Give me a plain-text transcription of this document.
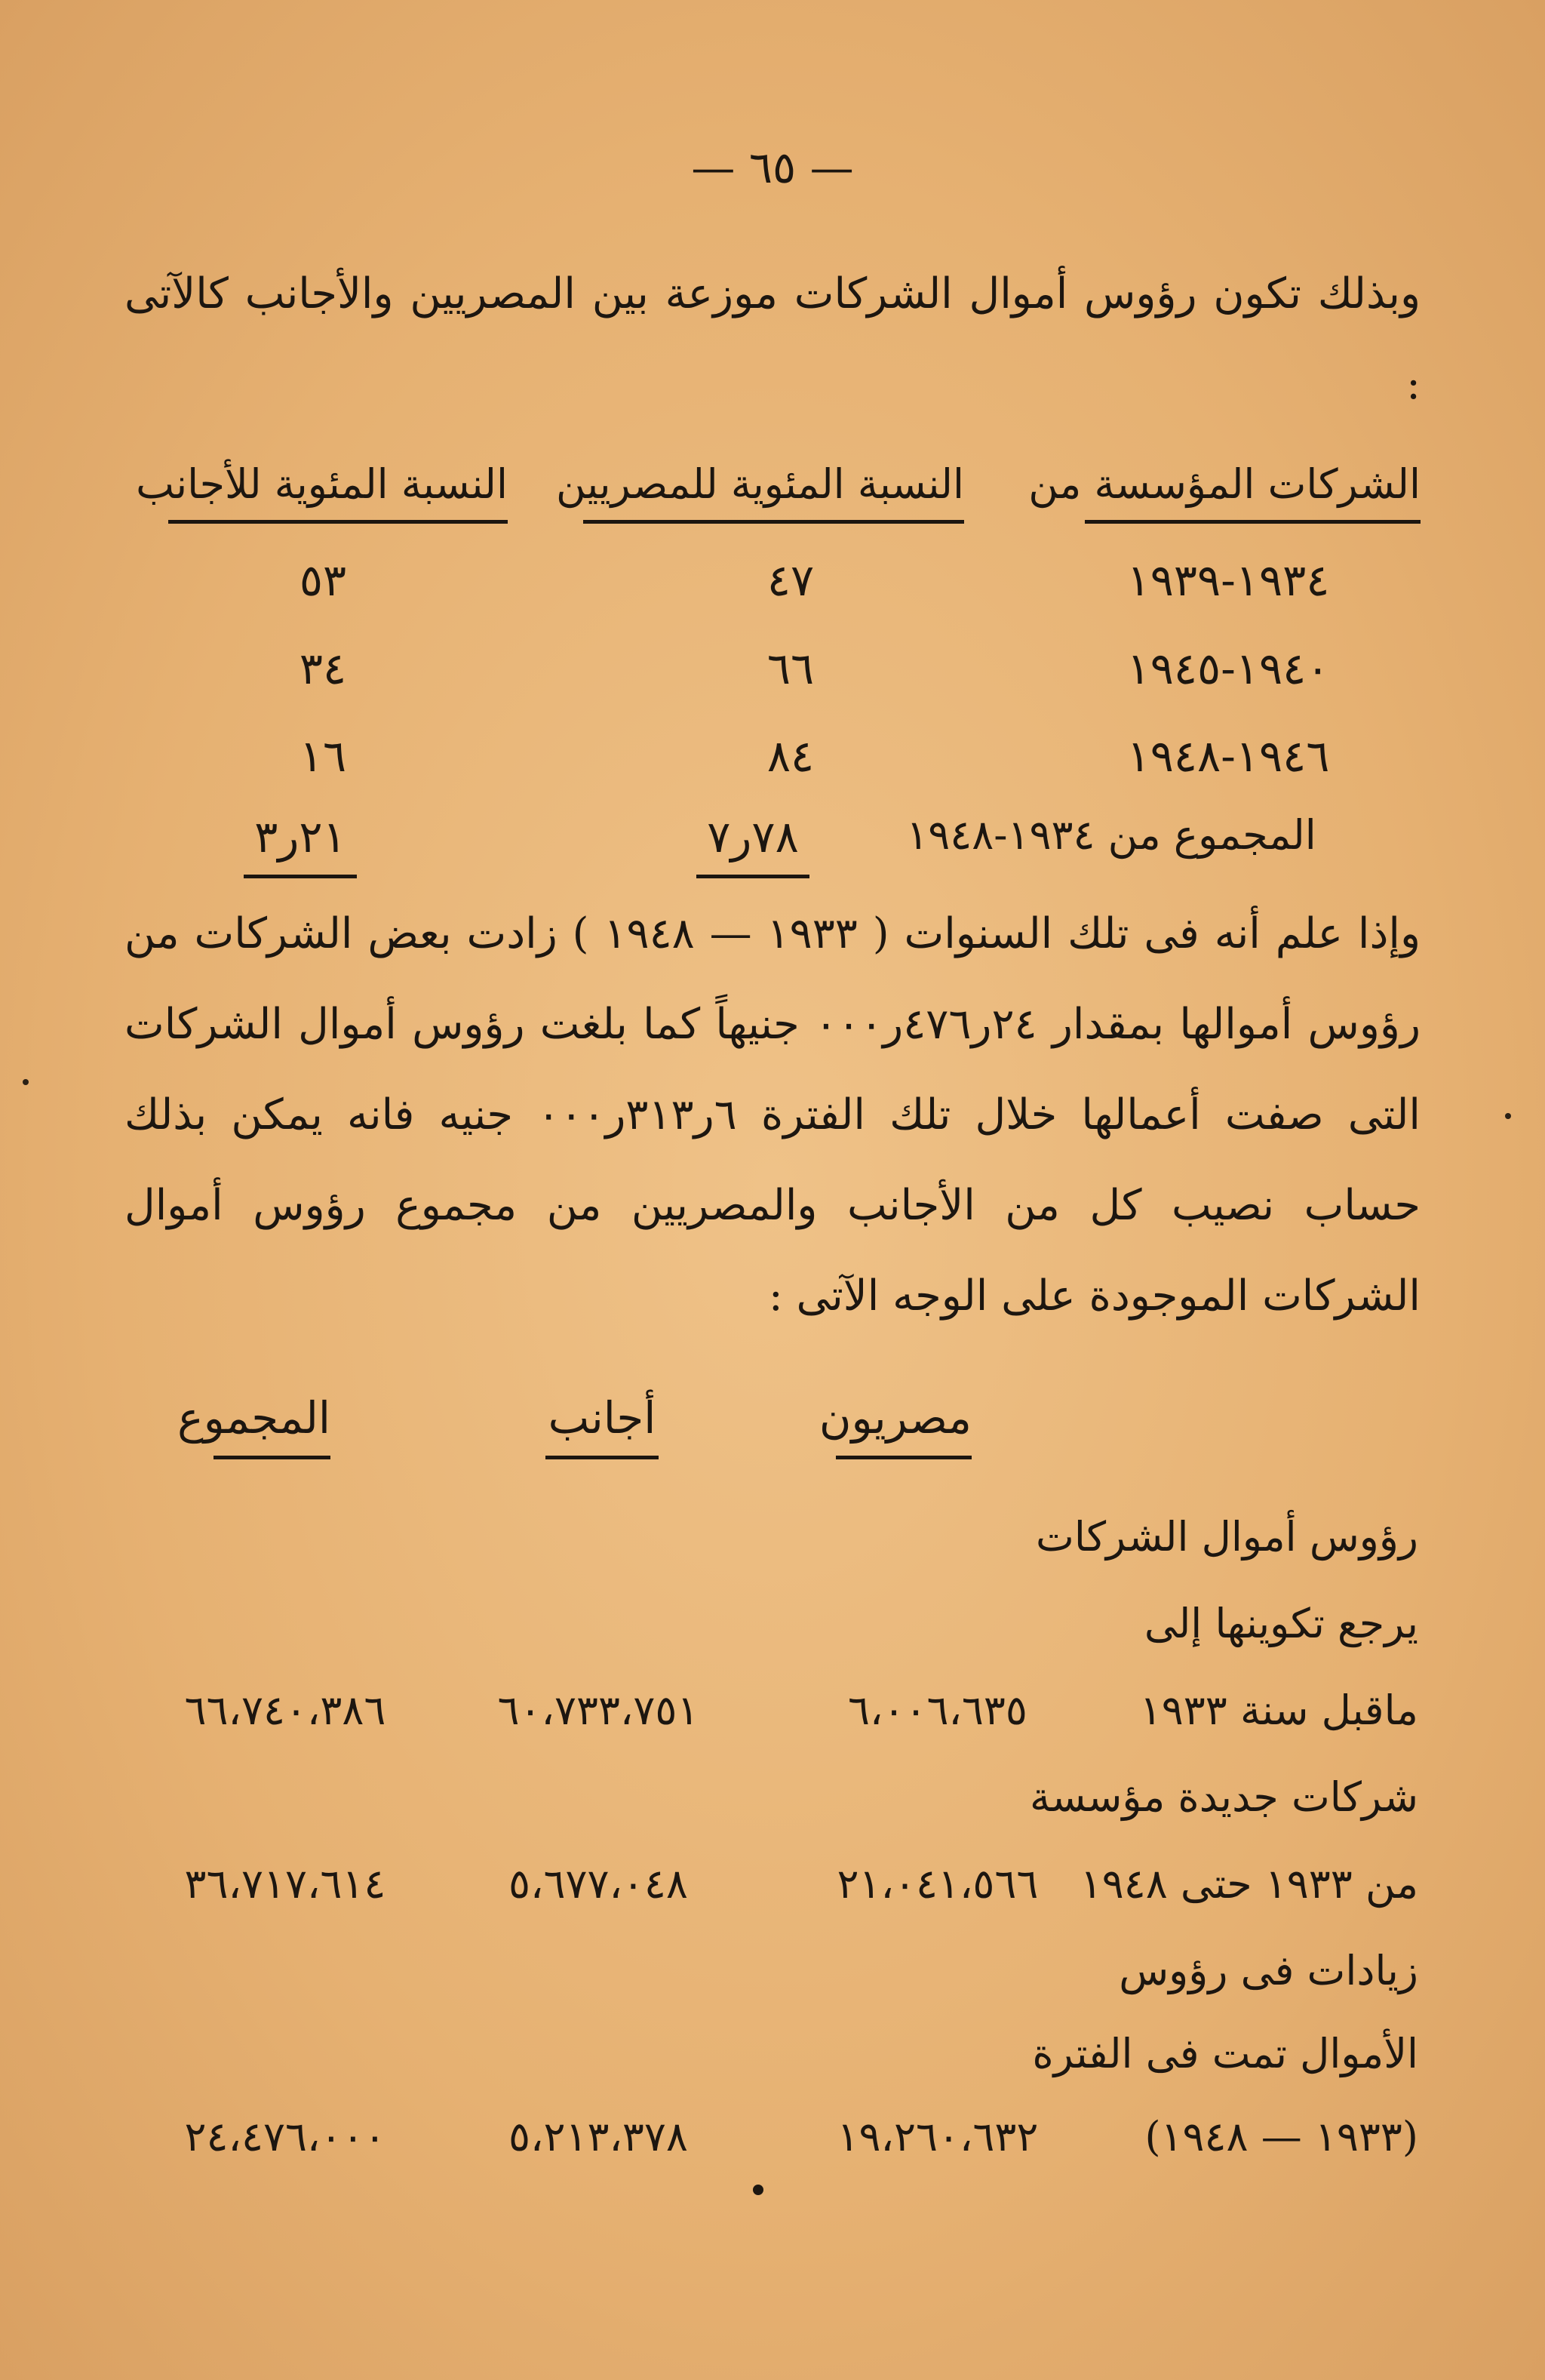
— ٦٥ —
وبذلك تكون رؤوس أموال الشركات موزعة بين المصريين والأجانب كالآتى :
الشركات المؤسسة من
النسبة المئوية للمصريين
النسبة المئوية للأجانب
١٩٣٤-١٩٣٩
٤٧
٥٣
١٩٤٠-١٩٤٥
٦٦
٣٤
١٩٤٦-١٩٤٨
٨٤
١٦
المجموع من ١٩٣٤-١٩٤٨
٧٨ر٧
٢١ر٣
وإذا علم أنه فى تلك السنوات ( ١٩٣٣ — ١٩٤٨ ) زادت بعض الشركات من رؤوس أموالها بمقدار ٢٤ر٤٧٦ر٠٠٠ جنيهاً كما بلغت رؤوس أموال الشركات التى صفت أعمالها خلال تلك الفترة ٦ر٣١٣ر٠٠٠ جنيه فانه يمكن بذلك حساب نصيب كل من الأجانب والمصريين من مجموع رؤوس أموال الشركات الموجودة على الوجه الآتى :
مصريون
أجانب
المجموع
رؤوس أموال الشركات
يرجع تكوينها إلى
ماقبل سنة ١٩٣٣
شركات جديدة مؤسسة
من ١٩٣٣ حتى ١٩٤٨
زيادات فى رؤوس
الأموال تمت فى الفترة
(١٩٣٣ — ١٩٤٨)
٦،٠٠٦،٦٣٥
٦٠،٧٣٣،٧٥١
٦٦،٧٤٠،٣٨٦
٢١،٠٤١،٥٦٦
٥،٦٧٧،٠٤٨
٣٦،٧١٧،٦١٤
١٩،٢٦٠،٦٣٢
٥،٢١٣،٣٧٨
٢٤،٤٧٦،٠٠٠
